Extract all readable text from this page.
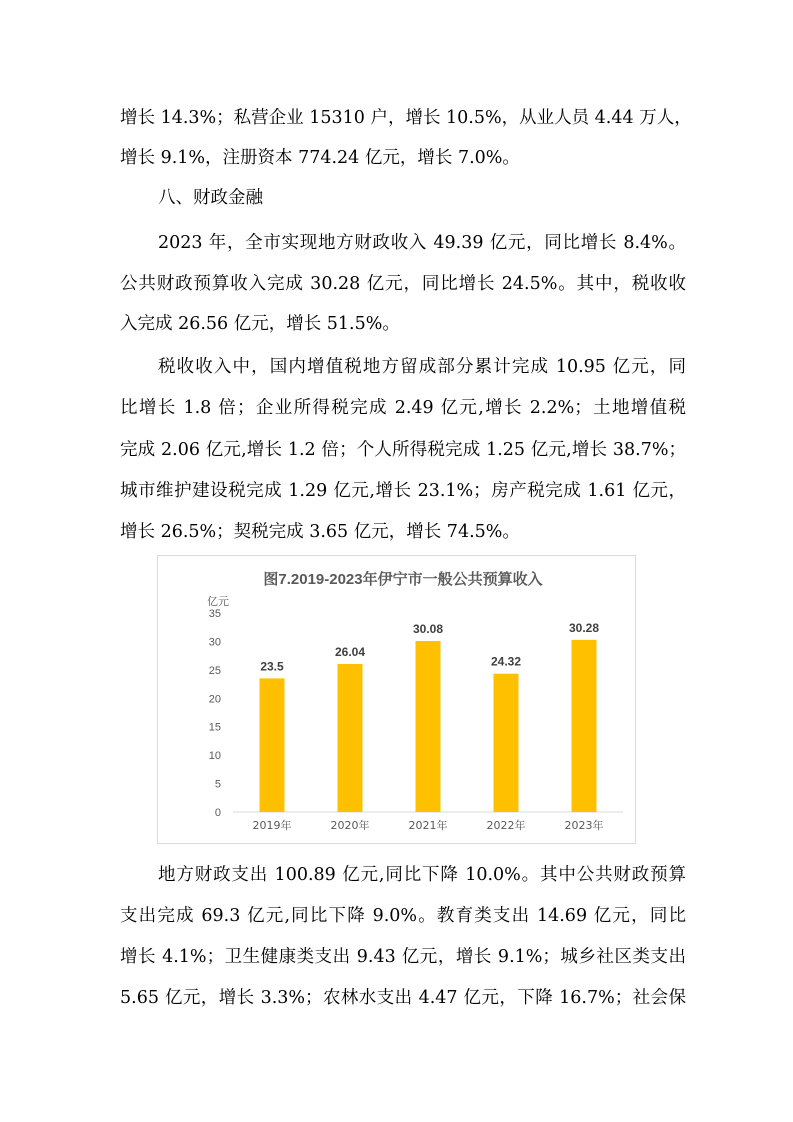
增长 14.3%；私营企业 15310 户，增长 10.5%，从业人员 4.44 万人，
增长 9.1%，注册资本 774.24 亿元，增长 7.0%。
八、财政金融
2023 年，全市实现地方财政收入 49.39 亿元，同比增长 8.4%。
公共财政预算收入完成 30.28 亿元，同比增长 24.5%。其中，税收收
入完成 26.56 亿元，增长 51.5%。
税收收入中，国内增值税地方留成部分累计完成 10.95 亿元，同
比增长 1.8 倍；企业所得税完成 2.49 亿元,增长 2.2%；土地增值税
完成 2.06 亿元,增长 1.2 倍；个人所得税完成 1.25 亿元,增长 38.7%；
城市维护建设税完成 1.29 亿元,增长 23.1%；房产税完成 1.61 亿元，
增长 26.5%；契税完成 3.65 亿元，增长 74.5%。
图7.2019-2023年伊宁市一般公共预算收入
亿元
0
5
10
15
20
25
30
35
23.5
2019年
26.04
2020年
30.08
2021年
24.32
2022年
30.28
2023年
地方财政支出 100.89 亿元,同比下降 10.0%。其中公共财政预算
支出完成 69.3 亿元,同比下降 9.0%。教育类支出 14.69 亿元，同比
增长 4.1%；卫生健康类支出 9.43 亿元，增长 9.1%；城乡社区类支出
5.65 亿元，增长 3.3%；农林水支出 4.47 亿元，下降 16.7%；社会保
